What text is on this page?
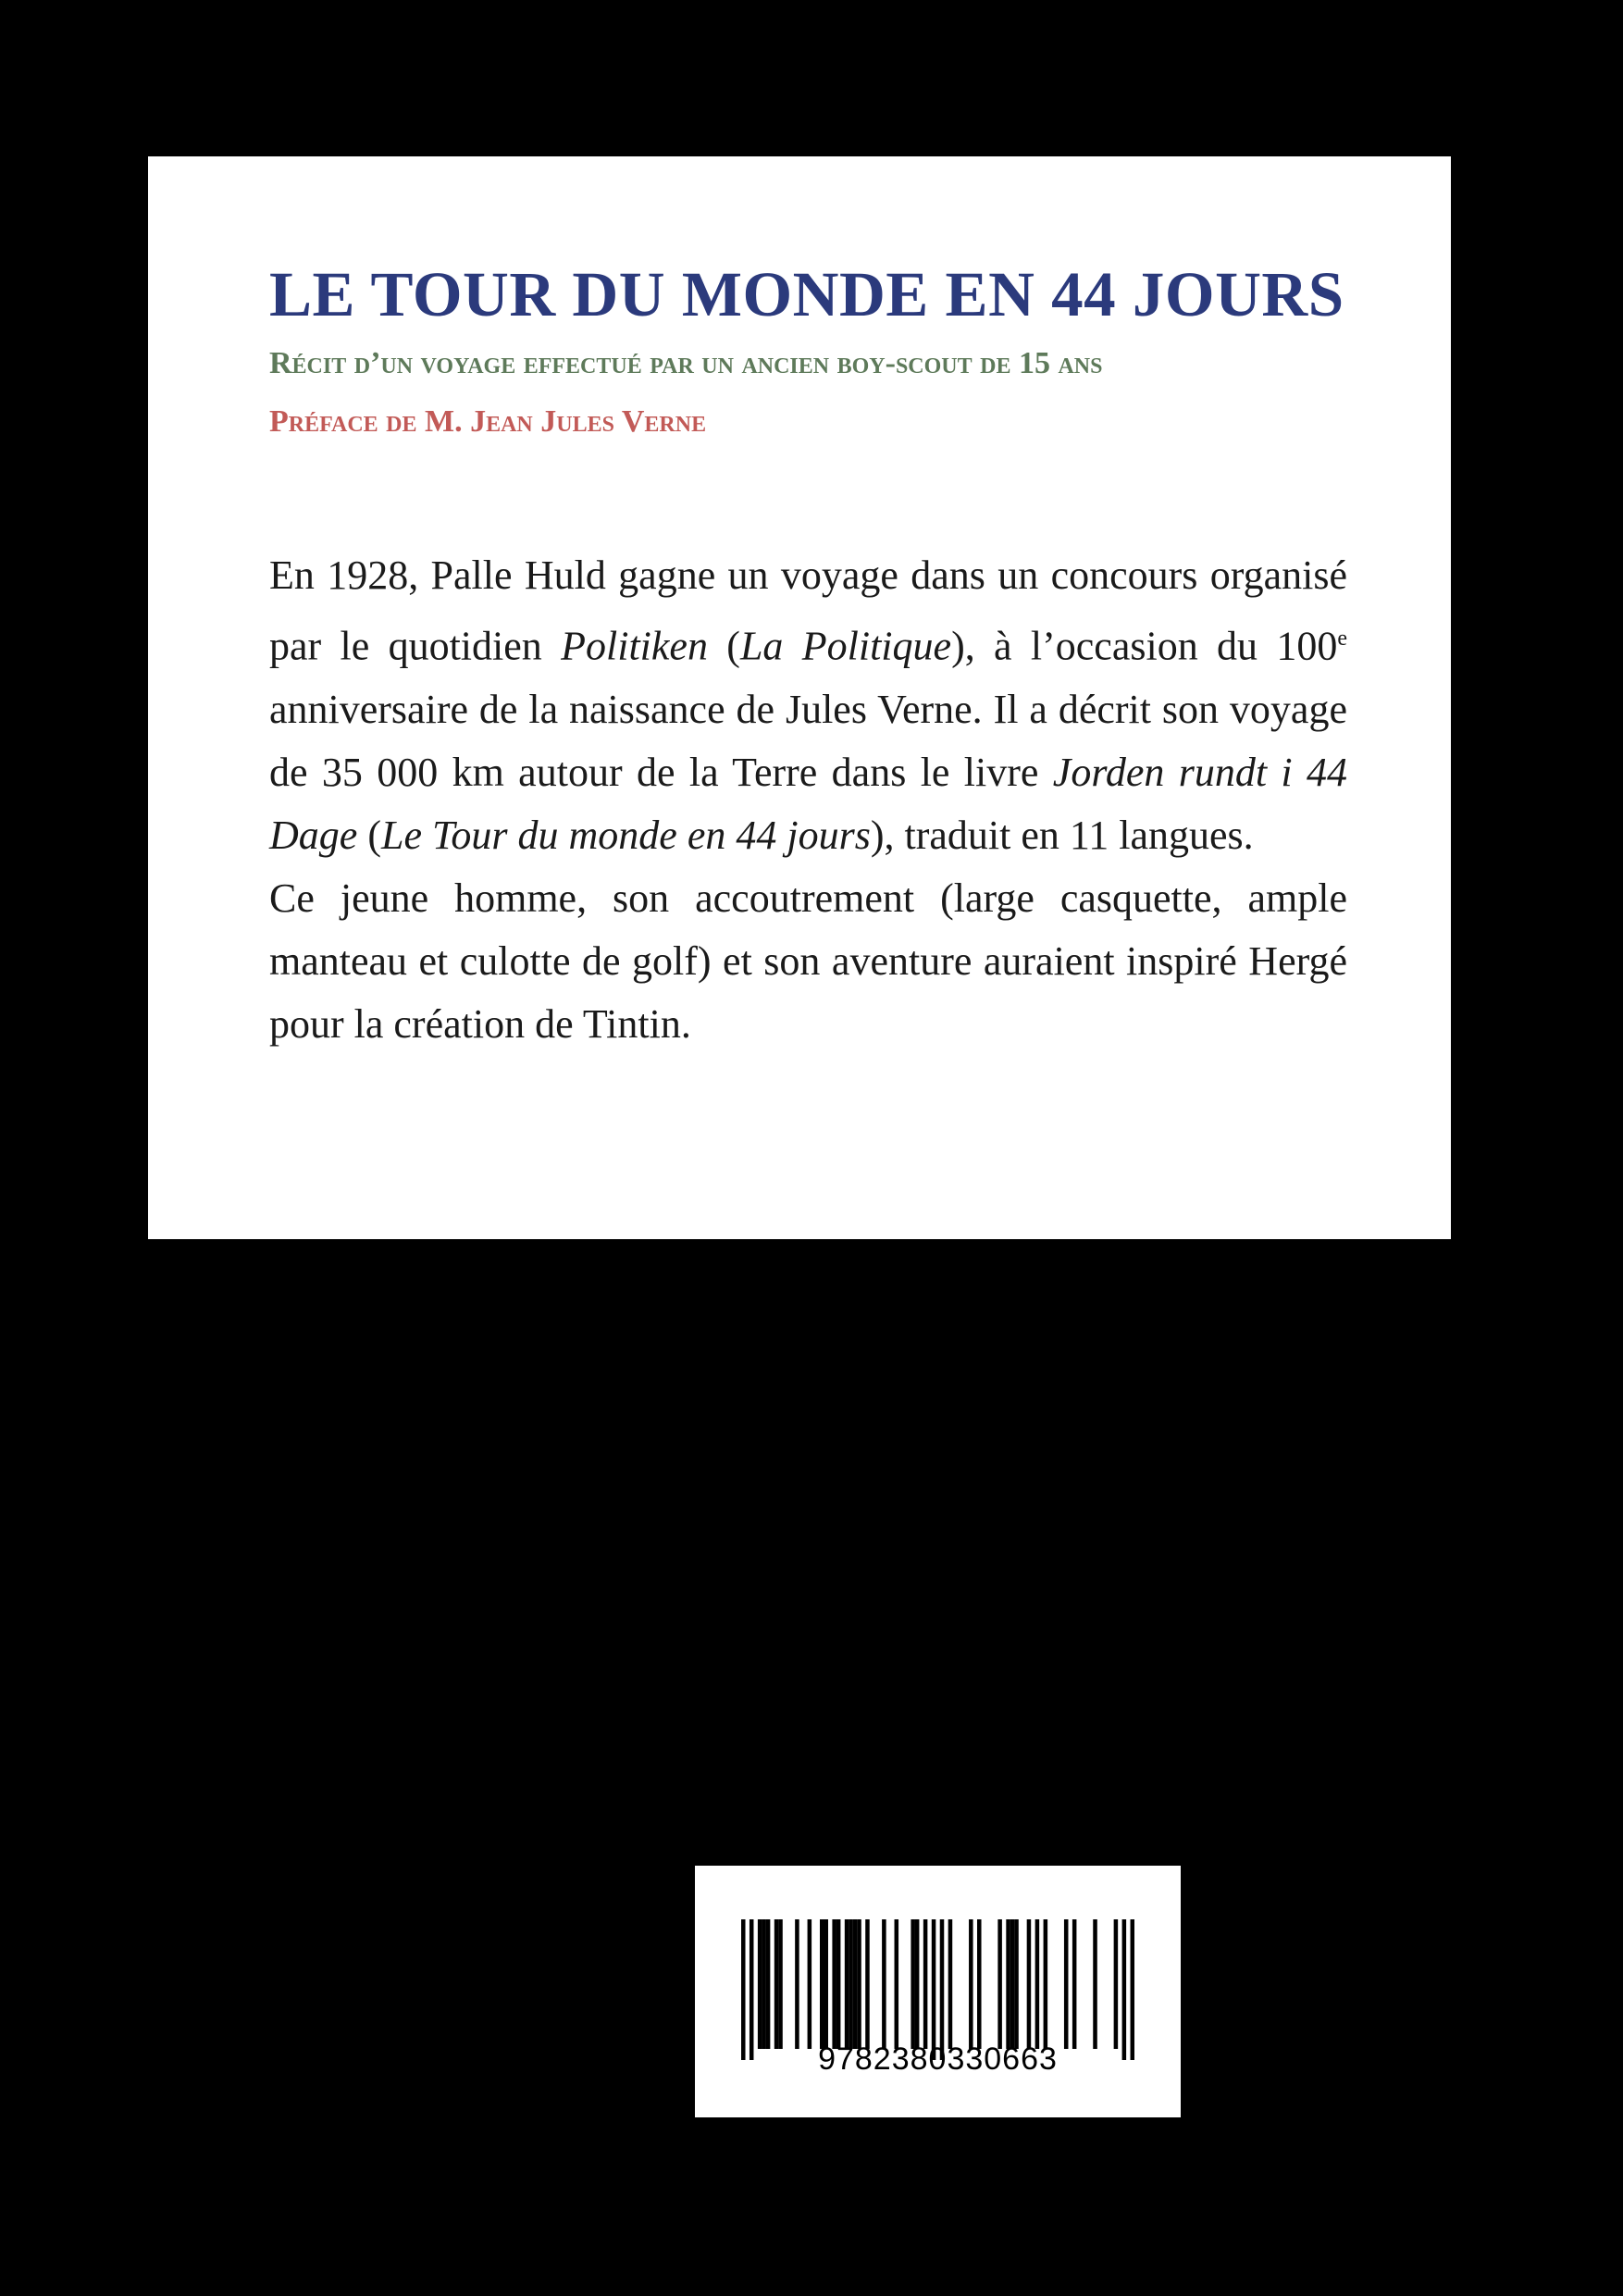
LE TOUR DU MONDE EN 44 JOURS
Récit d’un voyage effectué par un ancien boy-scout de 15 ans
Préface de M. Jean Jules Verne

En 1928, Palle Huld gagne un voyage dans un concours organisé par le quotidien Politiken (La Politique), à l’occasion du 100e anniversaire de la naissance de Jules Verne. Il a décrit son voyage de 35 000 km autour de la Terre dans le livre Jorden rundt i 44 Dage (Le Tour du monde en 44 jours), traduit en 11 langues.

Ce jeune homme, son accoutrement (large casquette, ample manteau et culotte de golf) et son aventure auraient inspiré Hergé pour la création de Tintin.

9782380330663
